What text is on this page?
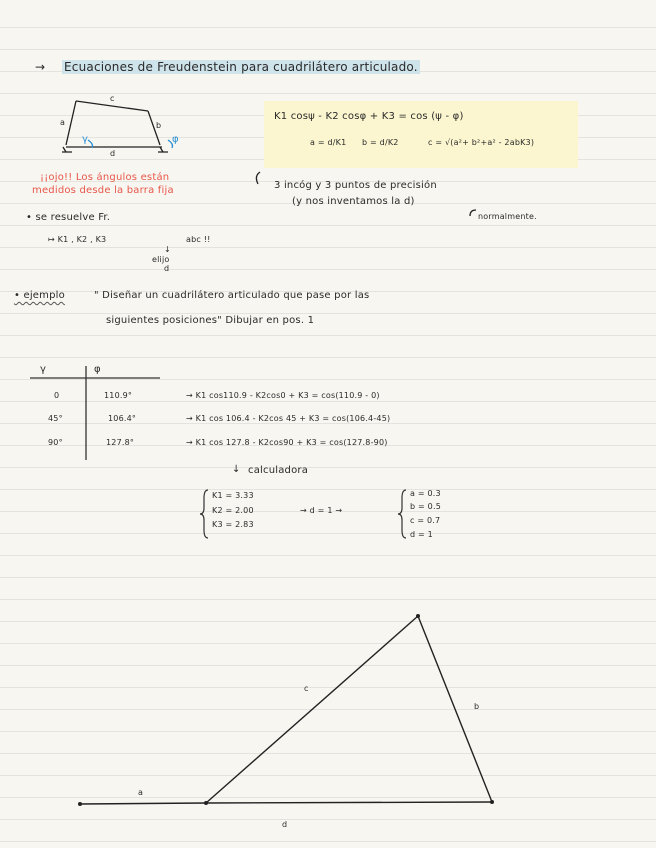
→ Ecuaciones de Freudenstein para cuadrilátero articulado.
c
b
a
d
γ	φ
¡¡ojo!! Los ángulos están
medidos desde la barra fija
K1 cosψ - K2 cosφ + K3 = cos (ψ - φ)
a = d/K1 b = d/K2	c = √(a²+ b²+a² - 2abK3)
3 incóg y 3 puntos de precisión
(y nos inventamos la d)
normalmente.
• se resuelve Fr.
↦ K1 , K2 , K3	abc !!
↓
elijo
d
• ejemplo	" Diseñar un cuadrilátero articulado que pase por las
siguientes posiciones" Dibujar en pos. 1
γ	φ
0	110.9°	→ K1 cos110.9 - K2cos0 + K3 = cos(110.9 - 0)
45°	106.4°	→ K1 cos 106.4 - K2cos 45 + K3 = cos(106.4-45)
90°	127.8°	→ K1 cos 127.8 - K2cos90 + K3 = cos(127.8-90)
↓ calculadora
K1 = 3.33
K2 = 2.00
K3 = 2.83
→ d = 1 →
a = 0.3
b = 0.5
c = 0.7
d = 1
a
b
c
d
